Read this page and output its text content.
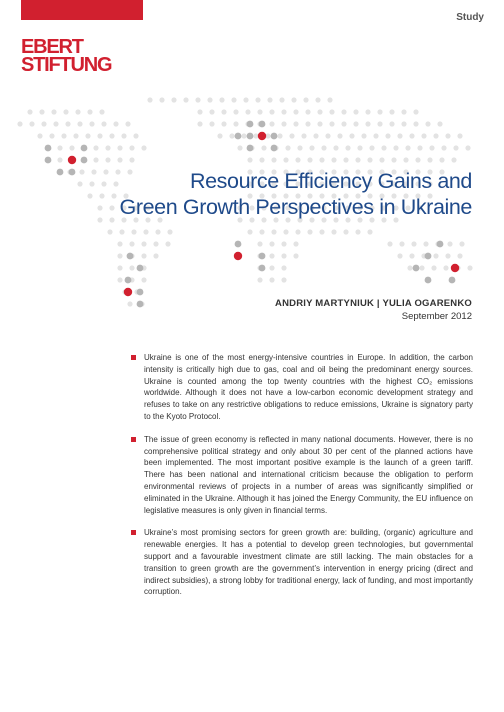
FRIEDRICH
EBERT
STIFTUNG
Study
Resource Efficiency Gains and
Green Growth Perspectives in Ukraine
ANDRIY MARTYNIUK | YULIA OGARENKO
September 2012

Ukraine is one of the most energy-intensive countries in Europe. In addition, the carbon intensity is critically high due to gas, coal and oil being the predominant energy sources. Ukraine is counted among the top twenty countries with the highest CO₂ emissions worldwide. Although it does not have a low-carbon economic development strategy and refuses to take on any restrictive obligations to reduce emissions, Ukraine is signatory party to the Kyoto Protocol.

The issue of green economy is reflected in many national documents. However, there is no comprehensive political strategy and only about 30 per cent of the planned actions have been implemented. The most important positive example is the launch of a green tariff. There has been national and international criticism because the obligation to perform environmental reviews of projects in a number of areas was significantly simplified or eliminated in the Ukraine. Although it has joined the Energy Community, the EU influence on legislative measures is only given in financial terms.

Ukraine’s most promising sectors for green growth are: building, (organic) agriculture and renewable energies. It has a potential to develop green technologies, but governmental support and a favourable investment climate are still lacking. The main obstacles for a transition to green growth are the government’s intervention in energy pricing (direct and indirect subsidies), a strong lobby for traditional energy, lack of funding, and most importantly corruption.
